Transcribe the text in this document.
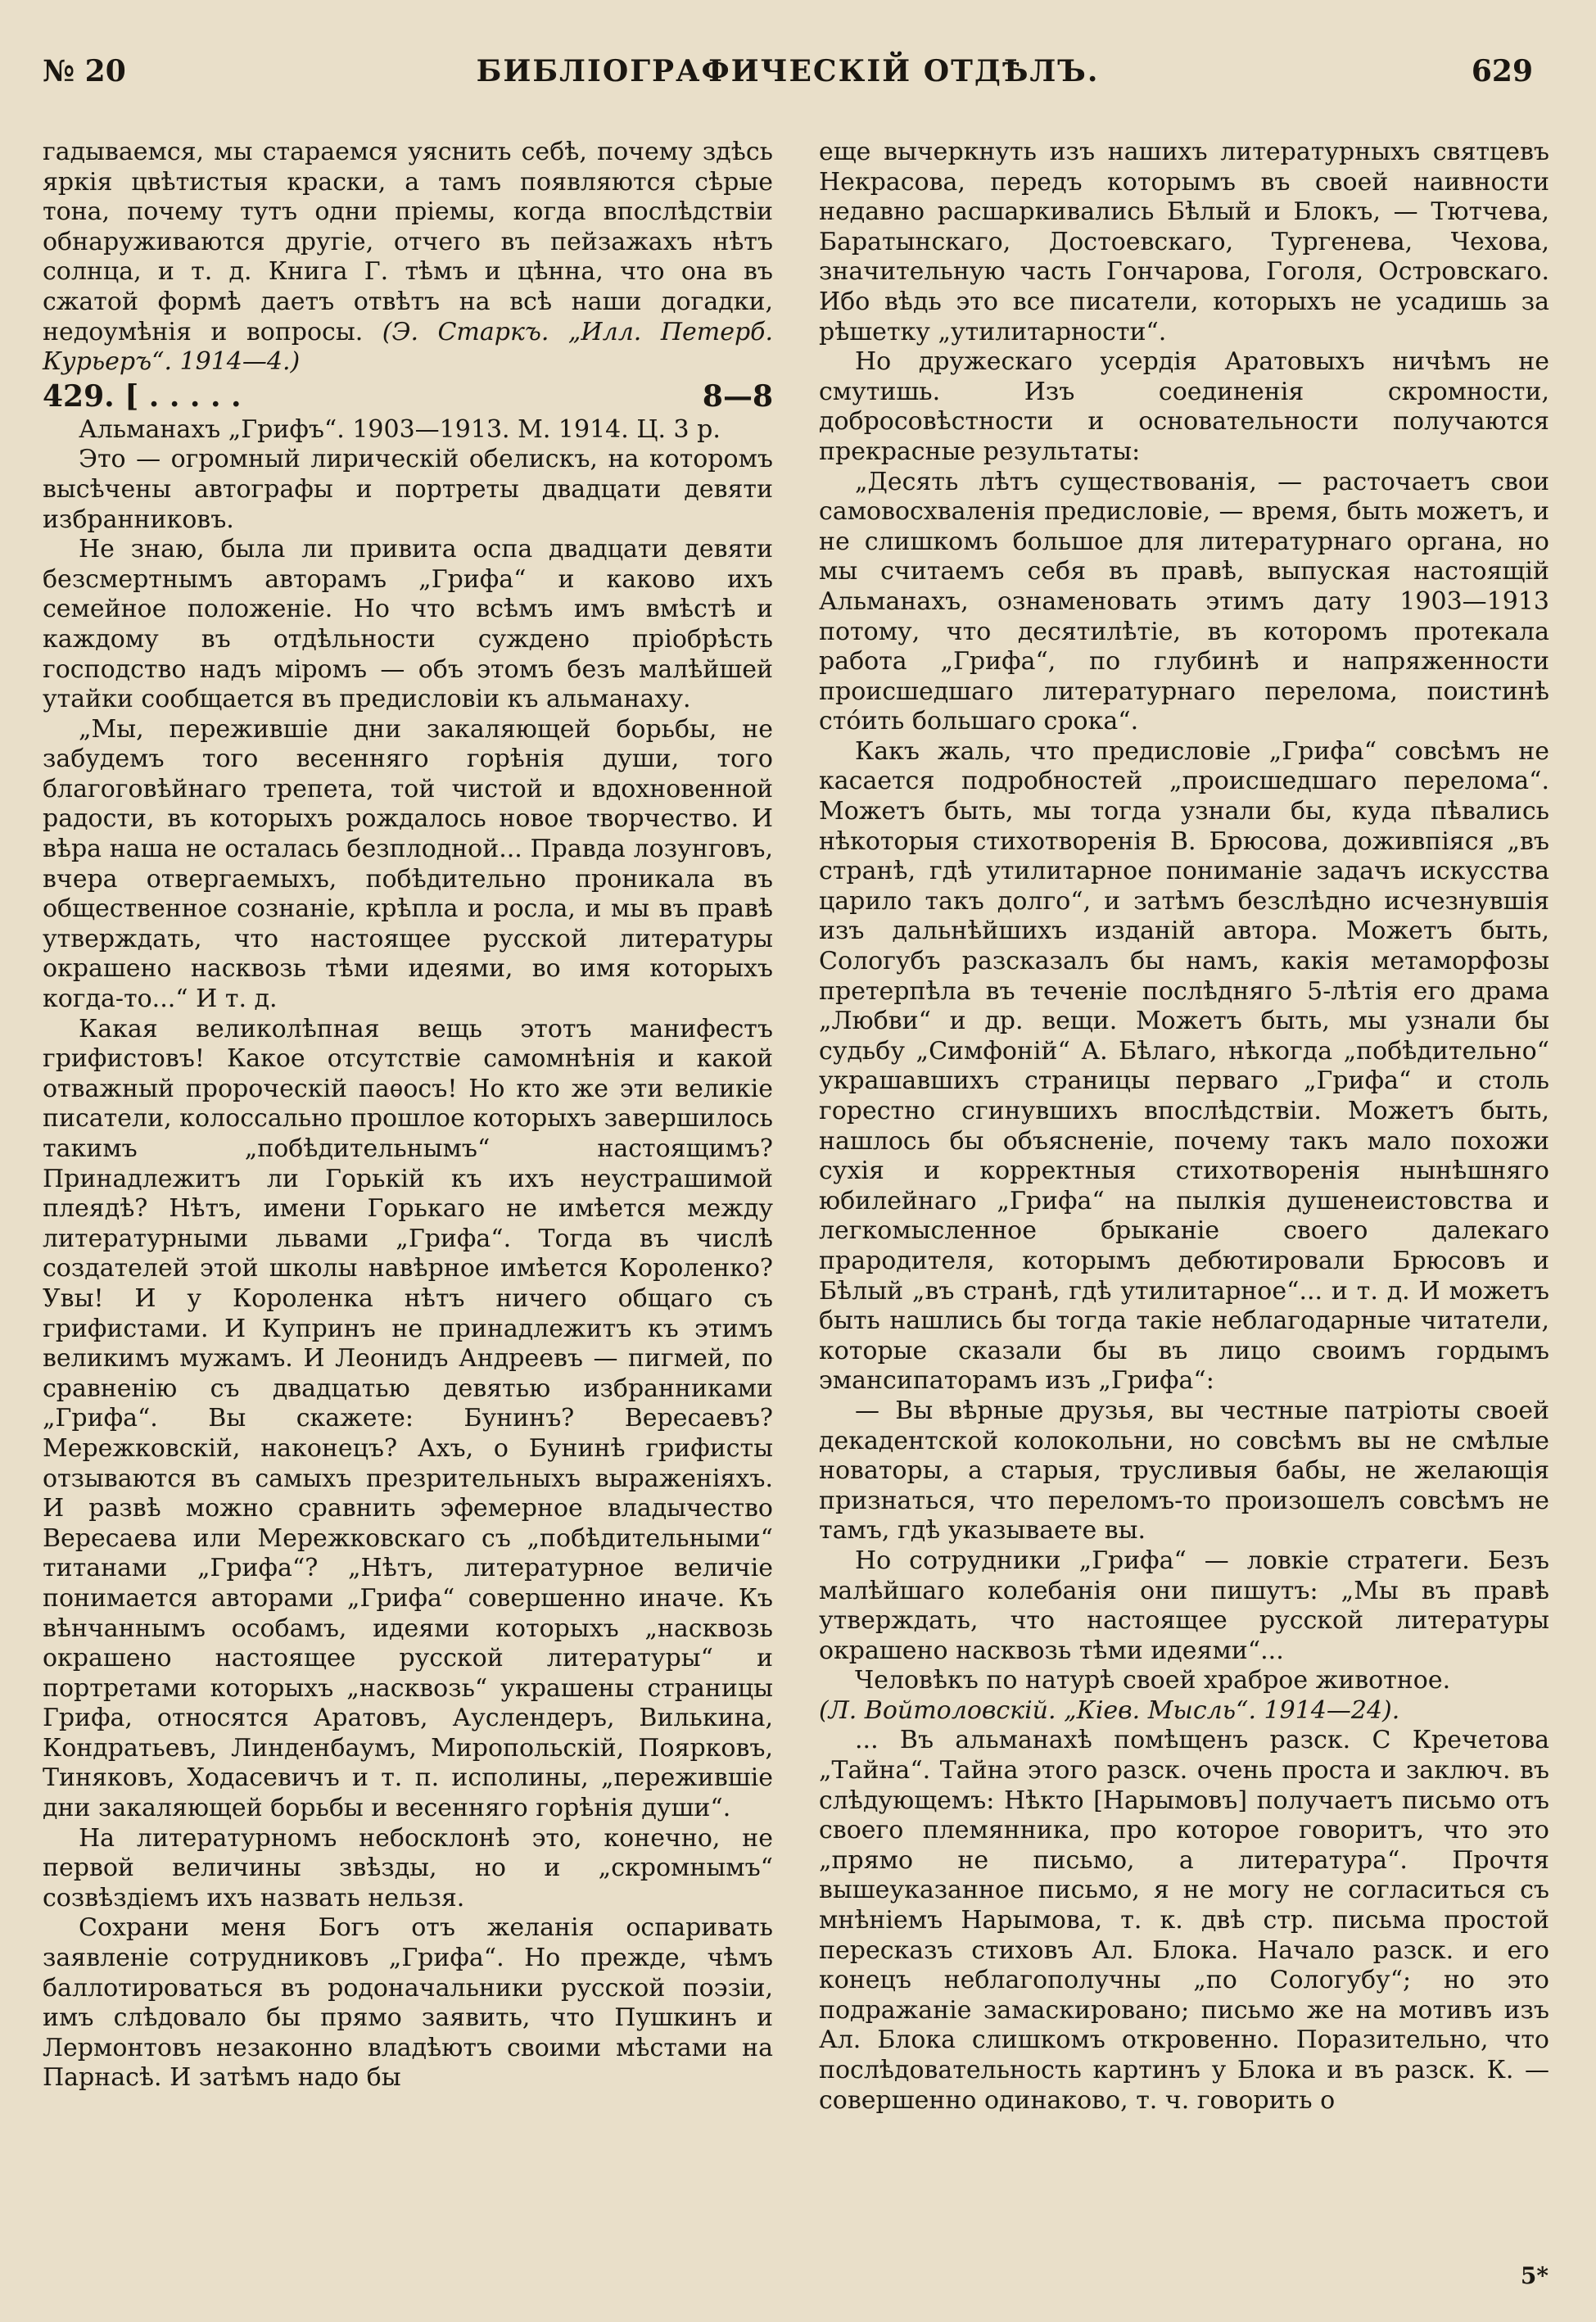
№ 20	БИБЛІОГРАФИЧЕСКІЙ ОТДѢЛЪ.	629

гадываемся, мы стараемся уяснить себѣ, почему здѣсь яркія цвѣтистыя краски, а тамъ появляются сѣрые тона, почему тутъ одни пріемы, когда впослѣдствіи обнаруживаются другіе, отчего въ пейзажахъ нѣтъ солнца, и т. д. Книга Г. тѣмъ и цѣнна, что она въ сжатой формѣ даетъ отвѣтъ на всѣ наши догадки, недоумѣнія и вопросы. (Э. Старкъ. „Илл. Петерб. Курьеръ“. 1914—4.)

429. [ . . . . .	8—8

Альманахъ „Грифъ“. 1903—1913. М. 1914. Ц. 3 р.

Это — огромный лирическій обелискъ, на которомъ высѣчены автографы и портреты двадцати девяти избранниковъ.

Не знаю, была ли привита оспа двадцати девяти безсмертнымъ авторамъ „Грифа“ и каково ихъ семейное положеніе. Но что всѣмъ имъ вмѣстѣ и каждому въ отдѣльности суждено пріобрѣсть господство надъ міромъ — объ этомъ безъ малѣйшей утайки сообщается въ предисловіи къ альманаху.

„Мы, пережившіе дни закаляющей борьбы, не забудемъ того весенняго горѣнія души, того благоговѣйнаго трепета, той чистой и вдохновенной радости, въ которыхъ рождалось новое творчество. И вѣра наша не осталась безплодной... Правда лозунговъ, вчера отвергаемыхъ, побѣдительно проникала въ общественное сознаніе, крѣпла и росла, и мы въ правѣ утверждать, что настоящее русской литературы окрашено насквозь тѣми идеями, во имя которыхъ когда-то...“ И т. д.

Какая великолѣпная вещь этотъ манифестъ грифистовъ! Какое отсутствіе самомнѣнія и какой отважный пророческій паѳосъ! Но кто же эти великіе писатели, колоссально прошлое которыхъ завершилось такимъ „побѣдительнымъ“ настоящимъ? Принадлежитъ ли Горькій къ ихъ неустрашимой плеядѣ? Нѣтъ, имени Горькаго не имѣется между литературными львами „Грифа“. Тогда въ числѣ создателей этой школы навѣрное имѣется Короленко? Увы! И у Короленка нѣтъ ничего общаго съ грифистами. И Купринъ не принадлежитъ къ этимъ великимъ мужамъ. И Леонидъ Андреевъ — пигмей, по сравненію съ двадцатью девятью избранниками „Грифа“. Вы скажете: Бунинъ? Вересаевъ? Мережковскій, наконецъ? Ахъ, о Бунинѣ грифисты отзываются въ самыхъ презрительныхъ выраженіяхъ. И развѣ можно сравнить эфемерное владычество Вересаева или Мережковскаго съ „побѣдительными“ титанами „Грифа“? „Нѣтъ, литературное величіе понимается авторами „Грифа“ совершенно иначе. Къ вѣнчаннымъ особамъ, идеями которыхъ „насквозь окрашено настоящее русской литературы“ и портретами которыхъ „насквозь“ украшены страницы Грифа, относятся Аратовъ, Ауслендеръ, Вилькина, Кондратьевъ, Линденбаумъ, Миропольскій, Поярковъ, Тиняковъ, Ходасевичъ и т. п. исполины, „пережившіе дни закаляющей борьбы и весенняго горѣнія души“.

На литературномъ небосклонѣ это, конечно, не первой величины звѣзды, но и „скромнымъ“ созвѣздіемъ ихъ назвать нельзя.

Сохрани меня Богъ отъ желанія оспаривать заявленіе сотрудниковъ „Грифа“. Но прежде, чѣмъ баллотироваться въ родоначальники русской поэзіи, имъ слѣдовало бы прямо заявить, что Пушкинъ и Лермонтовъ незаконно владѣютъ своими мѣстами на Парнасѣ. И затѣмъ надо бы

еще вычеркнуть изъ нашихъ литературныхъ святцевъ Некрасова, передъ которымъ въ своей наивности недавно расшаркивались Бѣлый и Блокъ, — Тютчева, Баратынскаго, Достоевскаго, Тургенева, Чехова, значительную часть Гончарова, Гоголя, Островскаго. Ибо вѣдь это все писатели, которыхъ не усадишь за рѣшетку „утилитарности“.

Но дружескаго усердія Аратовыхъ ничѣмъ не смутишь. Изъ соединенія скромности, добросовѣстности и основательности получаются прекрасные результаты:

„Десять лѣтъ существованія, — расточаетъ свои самовосхваленія предисловіе, — время, быть можетъ, и не слишкомъ большое для литературнаго органа, но мы считаемъ себя въ правѣ, выпуская настоящій Альманахъ, ознаменовать этимъ дату 1903—1913 потому, что десятилѣтіе, въ которомъ протекала работа „Грифа“, по глубинѣ и напряженности происшедшаго литературнаго перелома, поистинѣ стóить большаго срока“.

Какъ жаль, что предисловіе „Грифа“ совсѣмъ не касается подробностей „происшедшаго перелома“. Можетъ быть, мы тогда узнали бы, куда пѣвались нѣкоторыя стихотворенія В. Брюсова, доживпіяся „въ странѣ, гдѣ утилитарное пониманіе задачъ искусства царило такъ долго“, и затѣмъ безслѣдно исчезнувшія изъ дальнѣйшихъ изданій автора. Можетъ быть, Сологубъ разсказалъ бы намъ, какія метаморфозы претерпѣла въ теченіе послѣдняго 5-лѣтія его драма „Любви“ и др. вещи. Можетъ быть, мы узнали бы судьбу „Симфоній“ А. Бѣлаго, нѣкогда „побѣдительно“ украшавшихъ страницы перваго „Грифа“ и столь горестно сгинувшихъ впослѣдствіи. Можетъ быть, нашлось бы объясненіе, почему такъ мало похожи сухія и корректныя стихотворенія нынѣшняго юбилейнаго „Грифа“ на пылкія душенеистовства и легкомысленное брыканіе своего далекаго прародителя, которымъ дебютировали Брюсовъ и Бѣлый „въ странѣ, гдѣ утилитарное“... и т. д. И можетъ быть нашлись бы тогда такіе неблагодарные читатели, которые сказали бы въ лицо своимъ гордымъ эмансипаторамъ изъ „Грифа“:

— Вы вѣрные друзья, вы честные патріоты своей декадентской колокольни, но совсѣмъ вы не смѣлые новаторы, а старыя, трусливыя бабы, не желающія признаться, что переломъ-то произошелъ совсѣмъ не тамъ, гдѣ указываете вы.

Но сотрудники „Грифа“ — ловкіе стратеги. Безъ малѣйшаго колебанія они пишутъ: „Мы въ правѣ утверждать, что настоящее русской литературы окрашено насквозь тѣми идеями“...

Человѣкъ по натурѣ своей храброе животное.

(Л. Войтоловскій. „Кіев. Мысль“. 1914—24).

... Въ альманахѣ помѣщенъ разск. С Кречетова „Тайна“. Тайна этого разск. очень проста и заключ. въ слѣдующемъ: Нѣкто [Нарымовъ] получаетъ письмо отъ своего племянника, про которое говоритъ, что это „прямо не письмо, а литература“. Прочтя вышеуказанное письмо, я не могу не согласиться съ мнѣніемъ Нарымова, т. к. двѣ стр. письма простой пересказъ стиховъ Ал. Блока. Начало разск. и его конецъ неблагополучны „по Сологубу“; но это подражаніе замаскировано; письмо же на мотивъ изъ Ал. Блока слишкомъ откровенно. Поразительно, что послѣдовательность картинъ у Блока и въ разск. К. — совершенно одинаково, т. ч. говорить о

5*
